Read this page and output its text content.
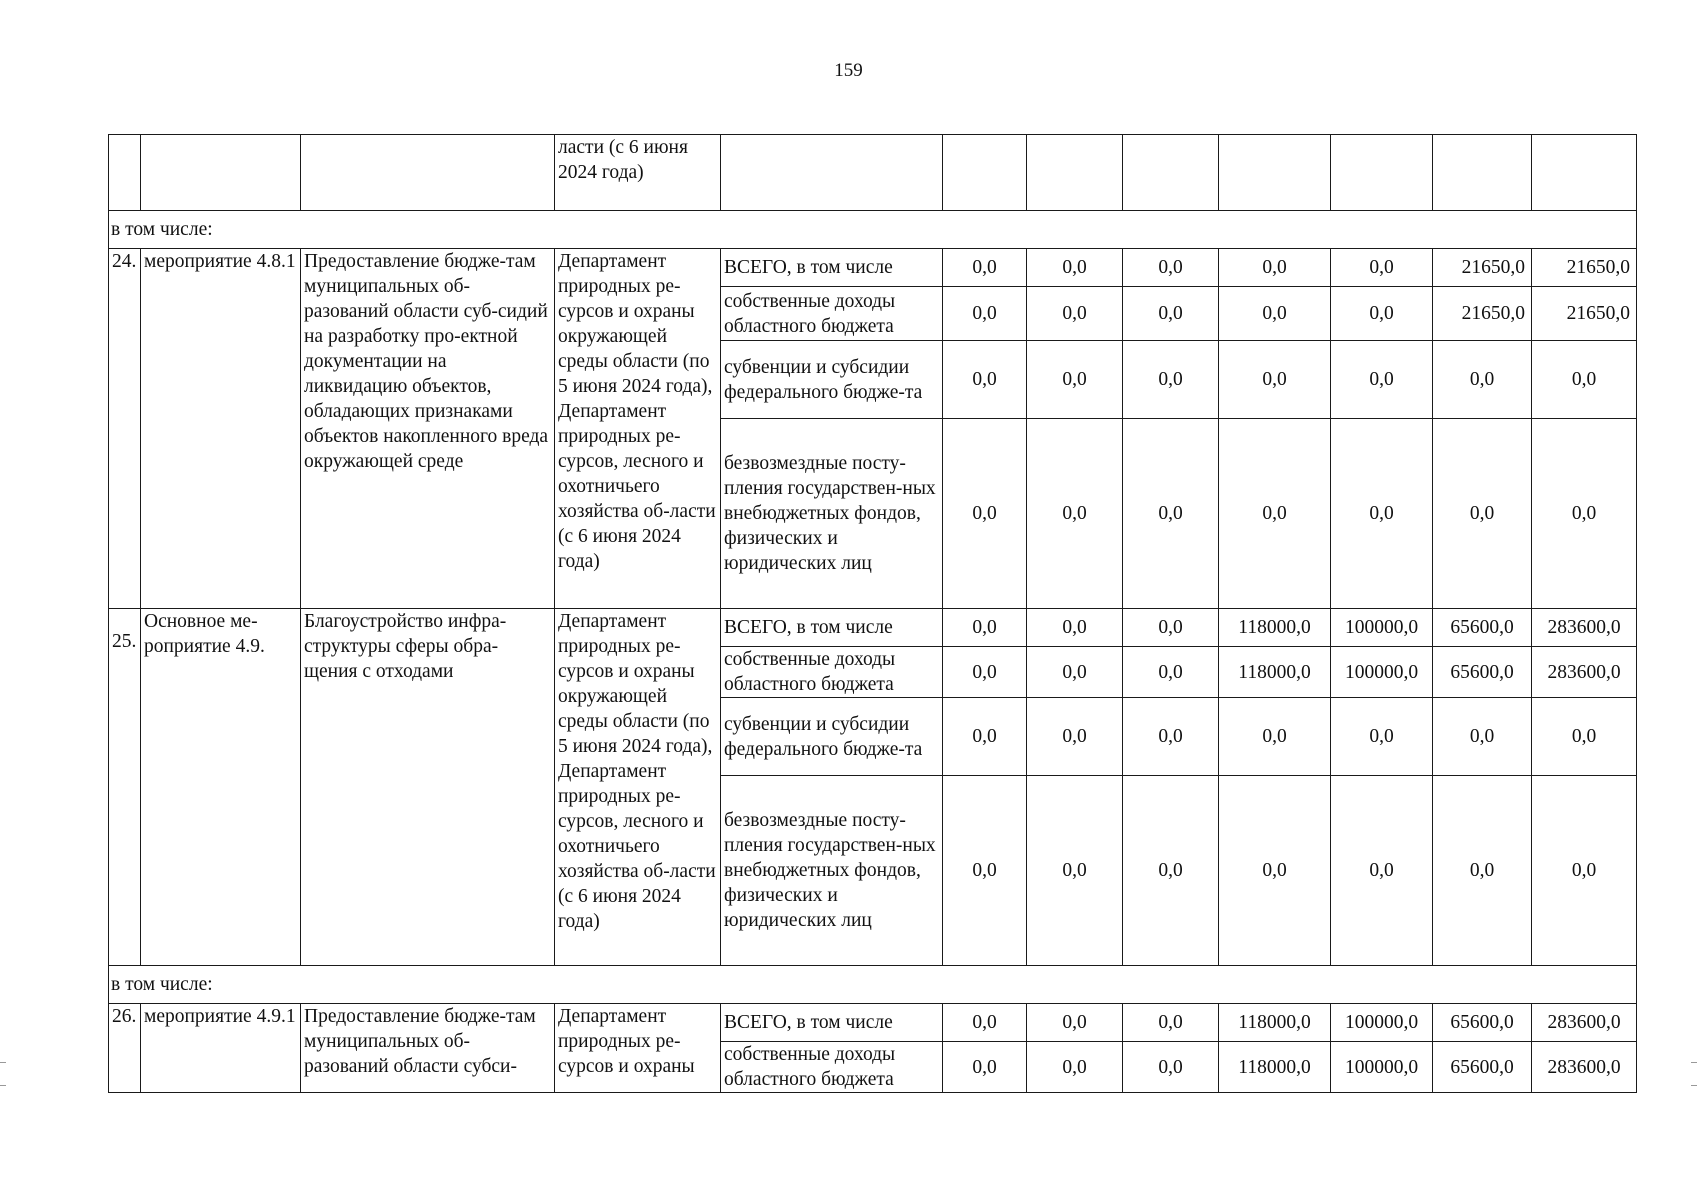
159
			ласти (с 6 июня 2024 года)								
в том числе:											
24.	мероприятие 4.8.1	Предоставление бюдже-там муниципальных об-разований области суб-сидий на разработку про-ектной документации на ликвидацию объектов, обладающих признаками объектов накопленного вреда окружающей среде	Департамент природных ре-сурсов и охраны окружающей среды области (по 5 июня 2024 года), Департамент природных ре-сурсов, лесного и охотничьего хозяйства об-ласти (с 6 июня 2024 года)	ВСЕГО, в том числе	0,0	0,0	0,0	0,0	0,0	21650,0	21650,0
				собственные доходы областного бюджета	0,0	0,0	0,0	0,0	0,0	21650,0	21650,0
				субвенции и субсидии федерального бюдже-та	0,0	0,0	0,0	0,0	0,0	0,0	0,0
				безвозмездные посту-пления государствен-ных внебюджетных фондов, физических и юридических лиц	0,0	0,0	0,0	0,0	0,0	0,0	0,0
25.	Основное ме-роприятие 4.9.	Благоустройство инфра-структуры сферы обра-щения с отходами	Департамент природных ре-сурсов и охраны окружающей среды области (по 5 июня 2024 года), Департамент природных ре-сурсов, лесного и охотничьего хозяйства об-ласти (с 6 июня 2024 года)	ВСЕГО, в том числе	0,0	0,0	0,0	118000,0	100000,0	65600,0	283600,0
				собственные доходы областного бюджета	0,0	0,0	0,0	118000,0	100000,0	65600,0	283600,0
				субвенции и субсидии федерального бюдже-та	0,0	0,0	0,0	0,0	0,0	0,0	0,0
				безвозмездные посту-пления государствен-ных внебюджетных фондов, физических и юридических лиц	0,0	0,0	0,0	0,0	0,0	0,0	0,0
в том числе:											
26.	мероприятие 4.9.1	Предоставление бюдже-там муниципальных об-разований области субси-	Департамент природных ре-сурсов и охраны	ВСЕГО, в том числе	0,0	0,0	0,0	118000,0	100000,0	65600,0	283600,0
				собственные доходы областного бюджета	0,0	0,0	0,0	118000,0	100000,0	65600,0	283600,0
